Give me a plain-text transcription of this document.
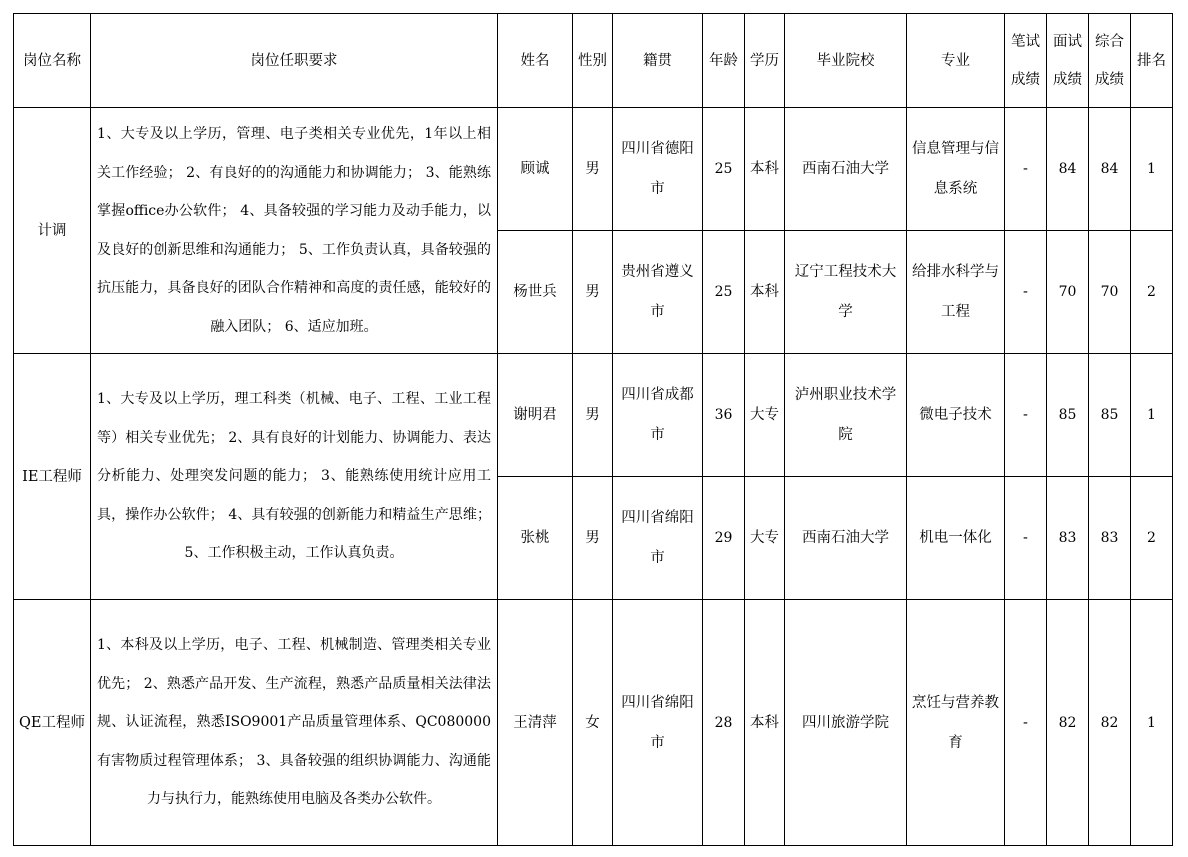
岗位名称	岗位任职要求	姓名	性别	籍贯	年龄	学历	毕业院校	专业	笔试成绩	面试成绩	综合成绩	排名
计调	1、大专及以上学历，管理、电子类相关专业优先，1年以上相关工作经验； 2、有良好的的沟通能力和协调能力； 3、能熟练掌握office办公软件； 4、具备较强的学习能力及动手能力，以及良好的创新思维和沟通能力； 5、工作负责认真，具备较强的抗压能力，具备良好的团队合作精神和高度的责任感，能较好的融入团队； 6、适应加班。	顾诚	男	四川省德阳市	25	本科	西南石油大学	信息管理与信息系统	-	84	84	1
		杨世兵	男	贵州省遵义市	25	本科	辽宁工程技术大学	给排水科学与工程	-	70	70	2
IE工程师	1、大专及以上学历，理工科类（机械、电子、工程、工业工程等）相关专业优先； 2、具有良好的计划能力、协调能力、表达分析能力、处理突发问题的能力； 3、能熟练使用统计应用工具，操作办公软件； 4、具有较强的创新能力和精益生产思维； 5、工作积极主动，工作认真负责。	谢明君	男	四川省成都市	36	大专	泸州职业技术学院	微电子技术	-	85	85	1
		张桃	男	四川省绵阳市	29	大专	西南石油大学	机电一体化	-	83	83	2
QE工程师	1、本科及以上学历，电子、工程、机械制造、管理类相关专业优先； 2、熟悉产品开发、生产流程，熟悉产品质量相关法律法规、认证流程，熟悉ISO9001产品质量管理体系、QC080000有害物质过程管理体系； 3、具备较强的组织协调能力、沟通能力与执行力，能熟练使用电脑及各类办公软件。	王清萍	女	四川省绵阳市	28	本科	四川旅游学院	烹饪与营养教育	-	82	82	1
